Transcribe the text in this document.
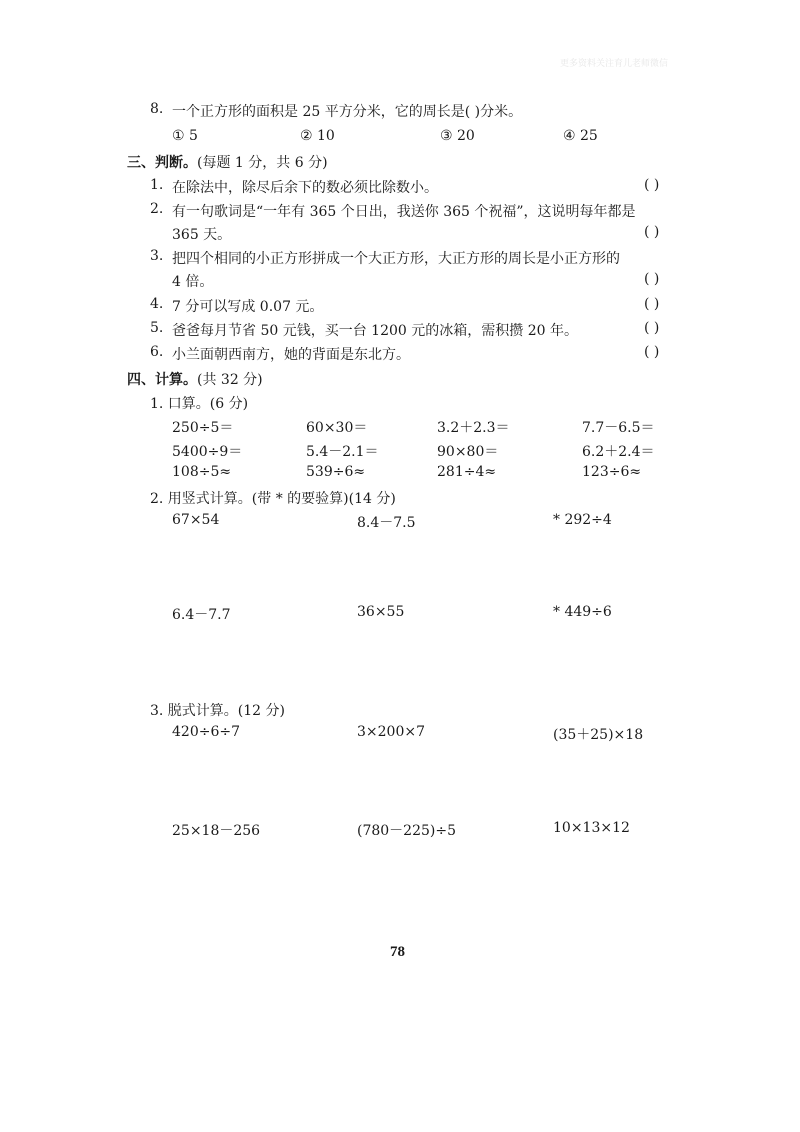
更多资料关注育儿老师微信
8. 一个正方形的面积是 25 平方分米，它的周长是( )分米。
① 5	② 10	③ 20	④ 25
三、判断。(每题 1 分，共 6 分)
1. 在除法中，除尽后余下的数必须比除数小。	( )
2. 有一句歌词是“一年有 365 个日出，我送你 365 个祝福”，这说明每年都是
365 天。	( )
3. 把四个相同的小正方形拼成一个大正方形，大正方形的周长是小正方形的
4 倍。	( )
4. 7 分可以写成 0.07 元。	( )
5. 爸爸每月节省 50 元钱，买一台 1200 元的冰箱，需积攒 20 年。	( )
6. 小兰面朝西南方，她的背面是东北方。	( )
四、计算。(共 32 分)
1. 口算。(6 分)
250÷5＝	60×30＝	3.2＋2.3＝	7.7－6.5＝
5400÷9＝	5.4－2.1＝	90×80＝	6.2＋2.4＝
108÷5≈	539÷6≈	281÷4≈	123÷6≈
2. 用竖式计算。(带 * 的要验算)(14 分)
67×54	8.4－7.5	* 292÷4
6.4－7.7	36×55	* 449÷6
3. 脱式计算。(12 分)
420÷6÷7	3×200×7	(35＋25)×18
25×18－256	(780－225)÷5	10×13×12
78
